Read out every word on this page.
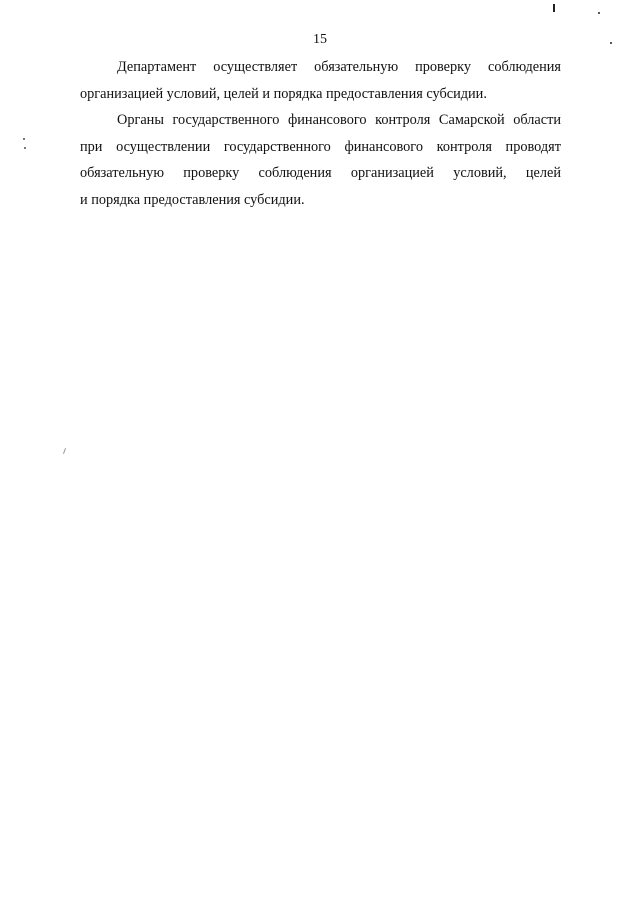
15
Департамент осуществляет обязательную проверку соблюдения
организацией условий, целей и порядка предоставления субсидии.
Органы государственного финансового контроля Самарской области
при осуществлении государственного финансового контроля проводят
обязательную проверку соблюдения организацией условий, целей
и порядка предоставления субсидии.
